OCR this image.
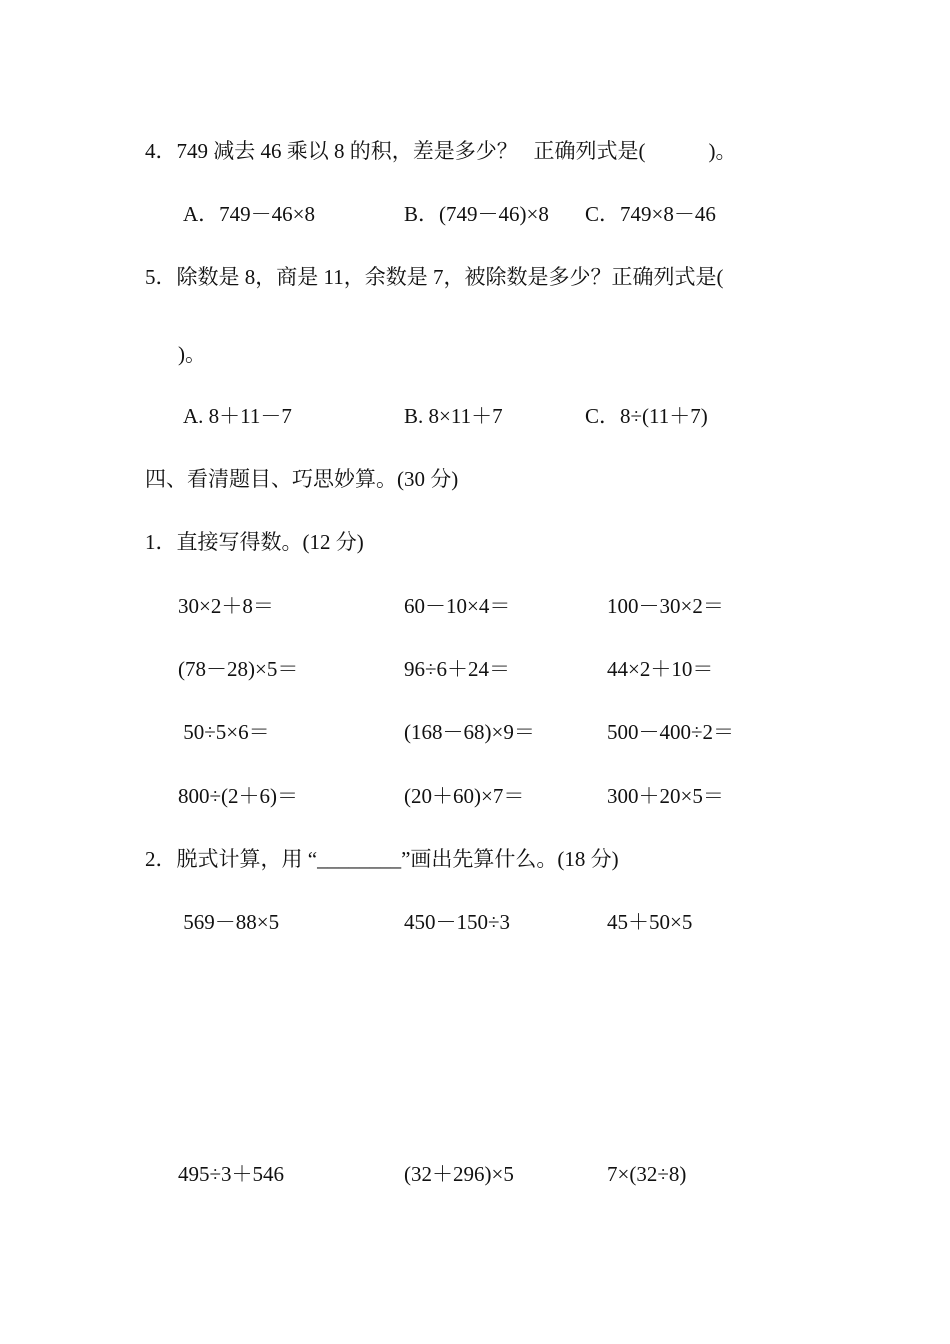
4．749 减去 46 乘以 8 的积，差是多少？   正确列式是(            )。
A．749－46×8	B．(749－46)×8 C．749×8－46
5．除数是 8，商是 11，余数是 7，被除数是多少？正确列式是(
)。
A. 8＋11－7	B. 8×11＋7	C．8÷(11＋7)
四、看清题目、巧思妙算。(30 分)
1．直接写得数。(12 分)
30×2＋8＝	60－10×4＝	100－30×2＝
(78－28)×5＝	96÷6＋24＝	44×2＋10＝
50÷5×6＝	(168－68)×9＝	500－400÷2＝
800÷(2＋6)＝	(20＋60)×7＝	300＋20×5＝
2．脱式计算，用 “________”画出先算什么。(18 分)
569－88×5	450－150÷3	45＋50×5
495÷3＋546	(32＋296)×5	7×(32÷8)
